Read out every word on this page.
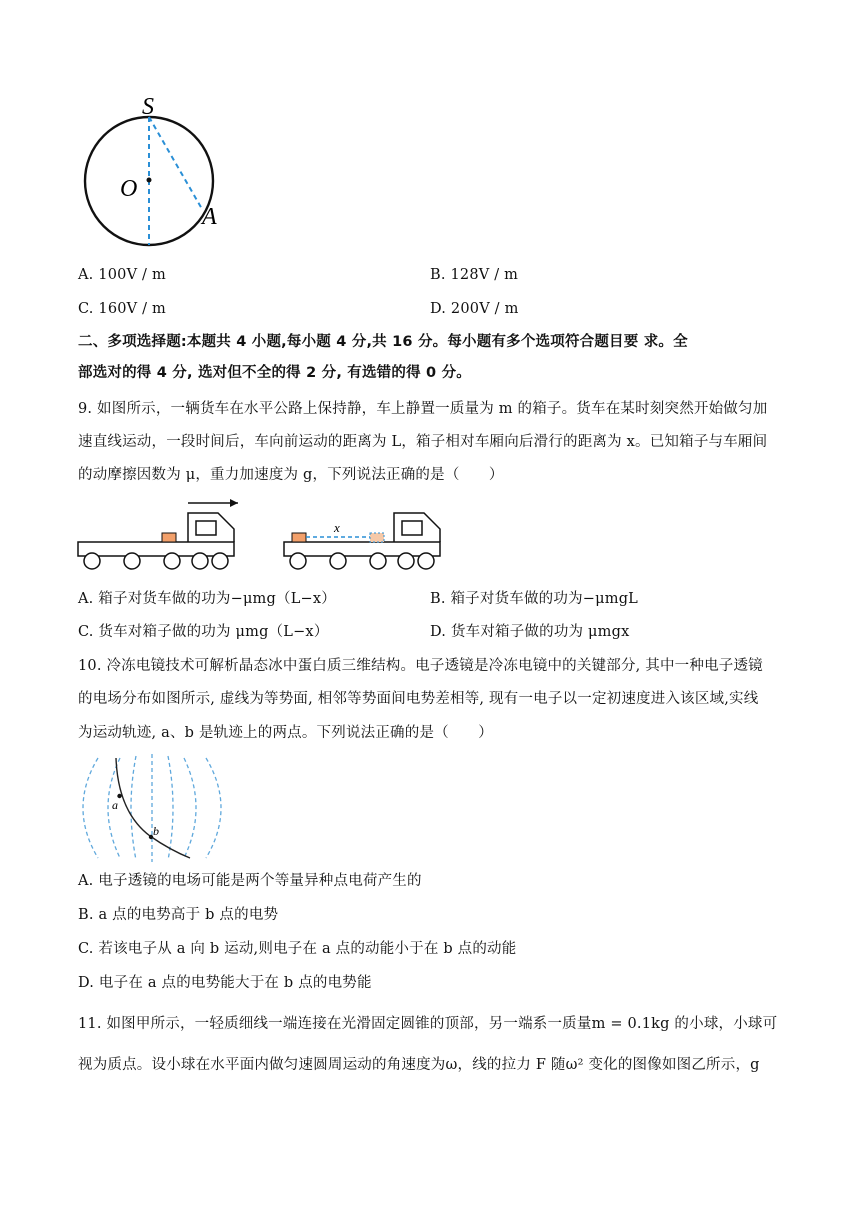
S
O
A
A. 100V / m	B. 128V / m
C. 160V / m	D. 200V / m
二、多项选择题:本题共 4 小题,每小题 4 分,共 16 分。每小题有多个选项符合题目要 求。全
部选对的得 4 分, 选对但不全的得 2 分, 有选错的得 0 分。
9. 如图所示，一辆货车在水平公路上保持静，车上静置一质量为 m 的箱子。货车在某时刻突然开始做匀加
速直线运动，一段时间后，车向前运动的距离为 L，箱子相对车厢向后滑行的距离为 x。已知箱子与车厢间
的动摩擦因数为 μ，重力加速度为 g，下列说法正确的是（　　）
x
A. 箱子对货车做的功为−μmg（L−x）	B. 箱子对货车做的功为−μmgL
C. 货车对箱子做的功为 μmg（L−x）	D. 货车对箱子做的功为 μmgx
10. 冷冻电镜技术可解析晶态冰中蛋白质三维结构。电子透镜是冷冻电镜中的关键部分, 其中一种电子透镜
的电场分布如图所示, 虚线为等势面, 相邻等势面间电势差相等, 现有一电子以一定初速度进入该区域,实线
为运动轨迹, a、b 是轨迹上的两点。下列说法正确的是（　　）
a
b
A. 电子透镜的电场可能是两个等量异种点电荷产生的
B. a 点的电势高于 b 点的电势
C. 若该电子从 a 向 b 运动,则电子在 a 点的动能小于在 b 点的动能
D. 电子在 a 点的电势能大于在 b 点的电势能
11. 如图甲所示，一轻质细线一端连接在光滑固定圆锥的顶部，另一端系一质量m = 0.1kg 的小球，小球可
视为质点。设小球在水平面内做匀速圆周运动的角速度为ω，线的拉力 F 随ω² 变化的图像如图乙所示，g
